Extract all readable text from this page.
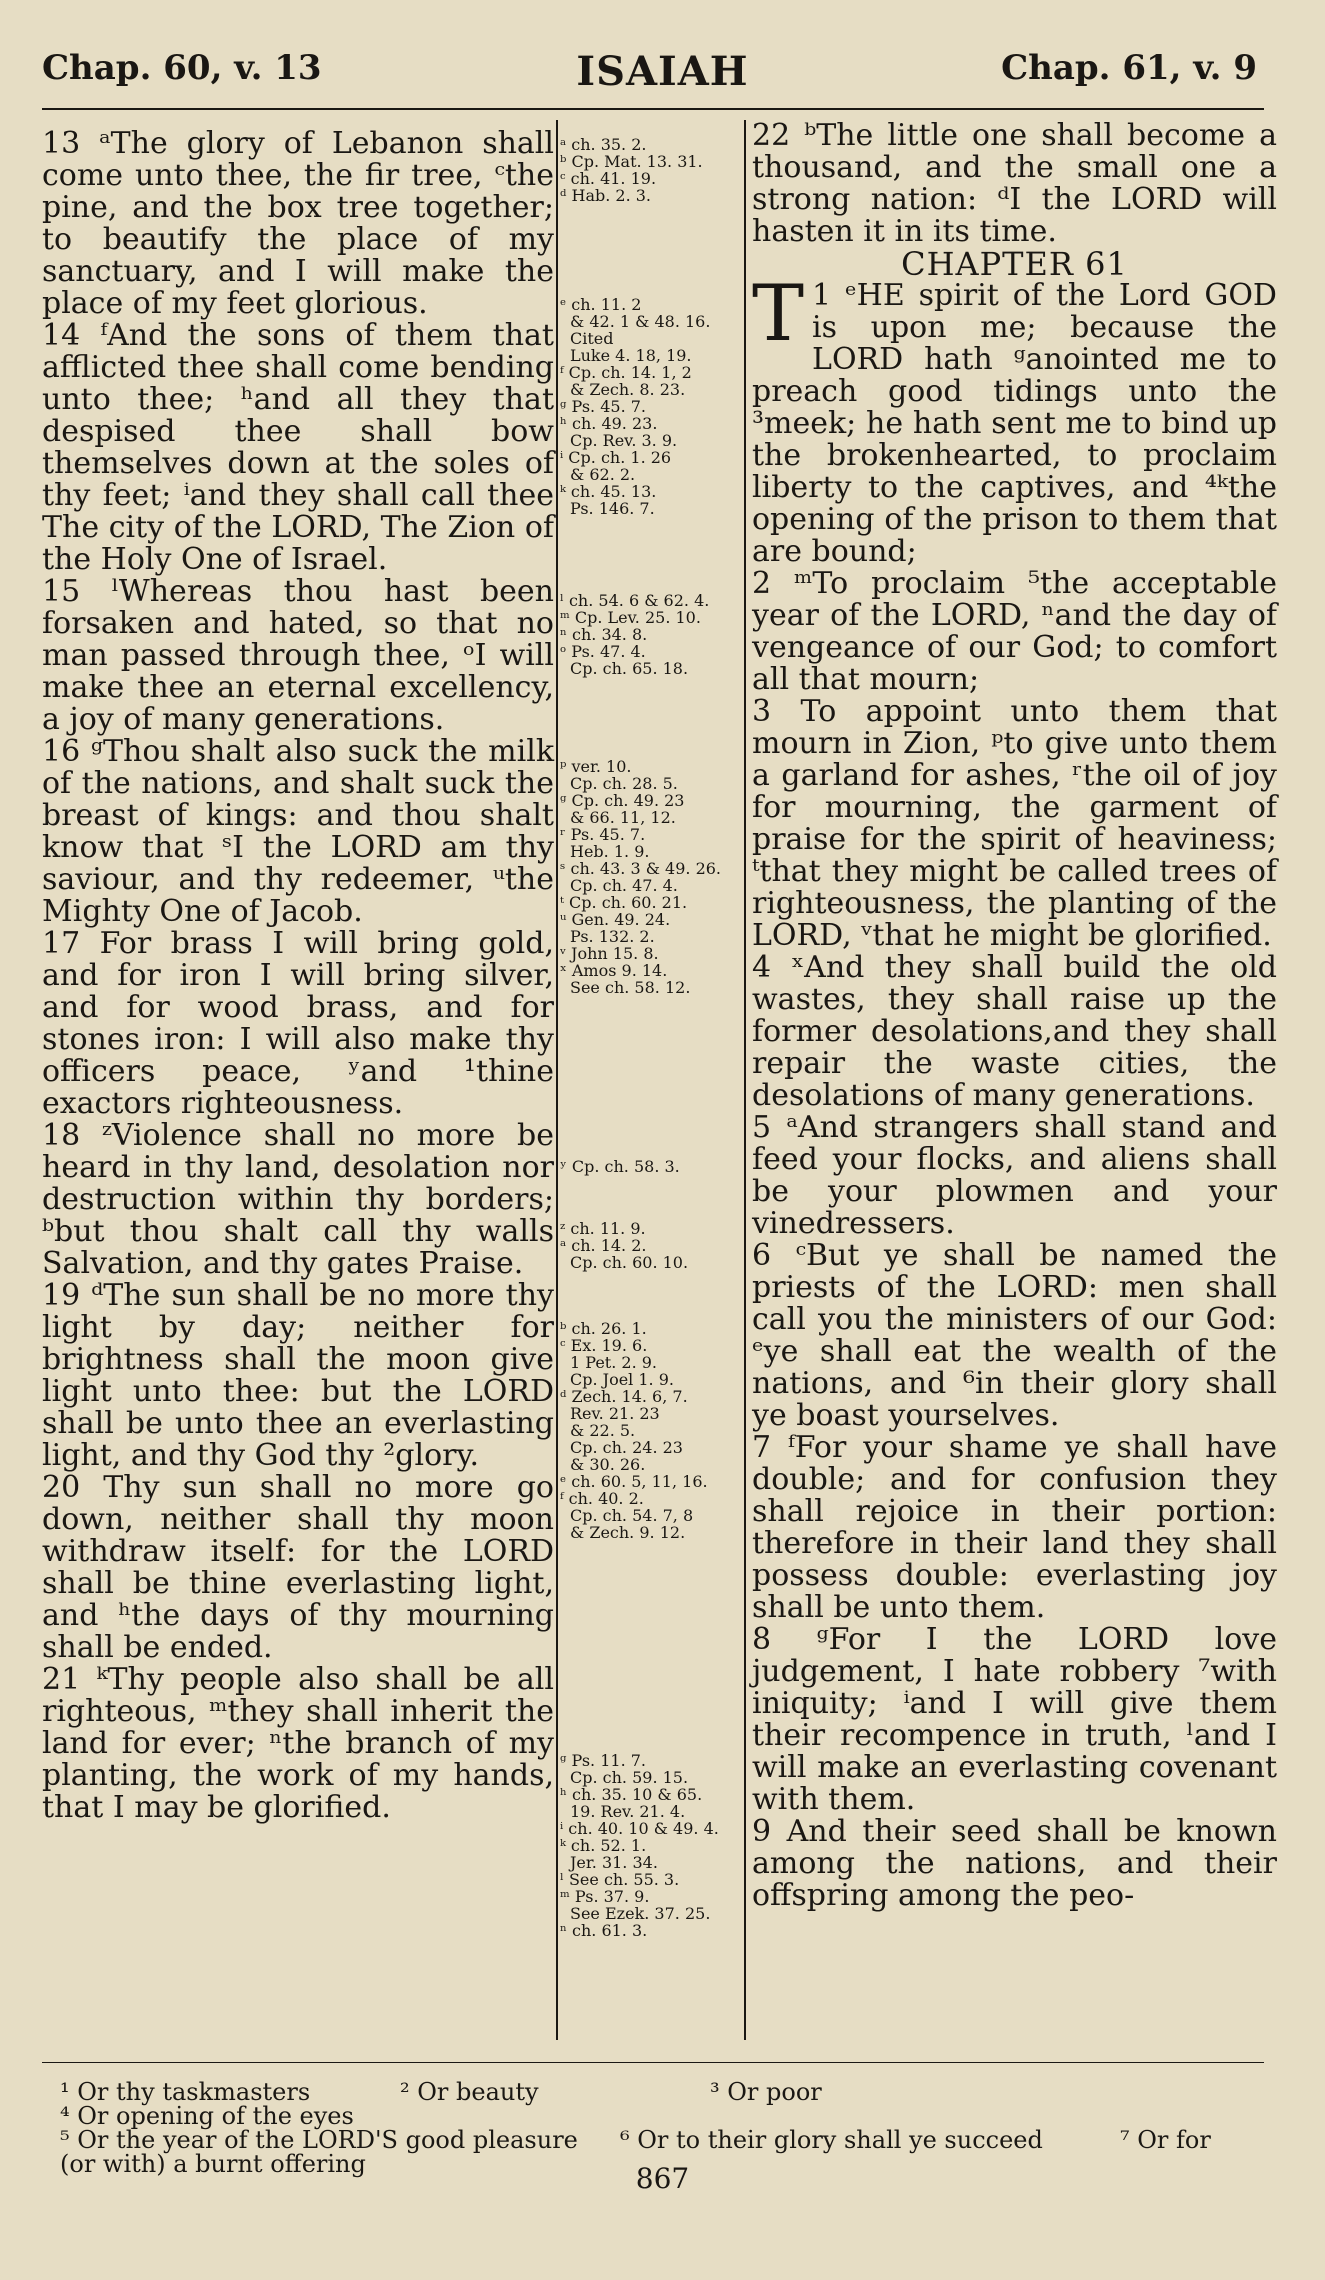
Chap. 60, v. 13	ISAIAH	Chap. 61, v. 9

13 ᵃThe glory of Lebanon shall come unto thee, the fir tree, ᶜthe pine, and the box tree together; to beautify the place of my sanctuary, and I will make the place of my feet glorious.

14 ᶠAnd the sons of them that afflicted thee shall come bending unto thee; ʰand all they that despised thee shall bow themselves down at the soles of thy feet; ⁱand they shall call thee The city of the LORD, The Zion of the Holy One of Israel.

15 ˡWhereas thou hast been forsaken and hated, so that no man passed through thee, ᵒI will make thee an eternal excellency, a joy of many generations.

16 ᵍThou shalt also suck the milk of the nations, and shalt suck the breast of kings: and thou shalt know that ˢI the LORD am thy saviour, and thy redeemer, ᵘthe Mighty One of Jacob.

17 For brass I will bring gold, and for iron I will bring silver, and for wood brass, and for stones iron: I will also make thy officers peace, ʸand ¹thine exactors righteousness.

18 ᶻViolence shall no more be heard in thy land, desolation nor destruction within thy borders; ᵇbut thou shalt call thy walls Salvation, and thy gates Praise.

19 ᵈThe sun shall be no more thy light by day; neither for brightness shall the moon give light unto thee: but the LORD shall be unto thee an everlasting light, and thy God thy ²glory.

20 Thy sun shall no more go down, neither shall thy moon withdraw itself: for the LORD shall be thine everlasting light, and ʰthe days of thy mourning shall be ended.

21 ᵏThy people also shall be all righteous, ᵐthey shall inherit the land for ever; ⁿthe branch of my planting, the work of my hands, that I may be glorified.

ᵃ ch. 35. 2.
ᵇ Cp. Mat. 13. 31.
ᶜ ch. 41. 19.
ᵈ Hab. 2. 3.
ᵉ ch. 11. 2
& 42. 1 & 48. 16.
Cited
Luke 4. 18, 19.
ᶠ Cp. ch. 14. 1, 2
& Zech. 8. 23.
ᵍ Ps. 45. 7.
ʰ ch. 49. 23.
Cp. Rev. 3. 9.
ⁱ Cp. ch. 1. 26
& 62. 2.
ᵏ ch. 45. 13.
Ps. 146. 7.
ˡ ch. 54. 6 & 62. 4.
ᵐ Cp. Lev. 25. 10.
ⁿ ch. 34. 8.
ᵒ Ps. 47. 4.
Cp. ch. 65. 18.
ᵖ ver. 10.
Cp. ch. 28. 5.
ᵍ Cp. ch. 49. 23
& 66. 11, 12.
ʳ Ps. 45. 7.
Heb. 1. 9.
ˢ ch. 43. 3 & 49. 26.
Cp. ch. 47. 4.
ᵗ Cp. ch. 60. 21.
ᵘ Gen. 49. 24.
Ps. 132. 2.
ᵛ John 15. 8.
ˣ Amos 9. 14.
See ch. 58. 12.
ʸ Cp. ch. 58. 3.
ᶻ ch. 11. 9.
ᵃ ch. 14. 2.
Cp. ch. 60. 10.
ᵇ ch. 26. 1.
ᶜ Ex. 19. 6.
1 Pet. 2. 9.
Cp. Joel 1. 9.
ᵈ Zech. 14. 6, 7.
Rev. 21. 23
& 22. 5.
Cp. ch. 24. 23
& 30. 26.
ᵉ ch. 60. 5, 11, 16.
ᶠ ch. 40. 2.
Cp. ch. 54. 7, 8
& Zech. 9. 12.
ᵍ Ps. 11. 7.
Cp. ch. 59. 15.
ʰ ch. 35. 10 & 65.
19. Rev. 21. 4.
ⁱ ch. 40. 10 & 49. 4.
ᵏ ch. 52. 1.
Jer. 31. 34.
ˡ See ch. 55. 3.
ᵐ Ps. 37. 9.
See Ezek. 37. 25.
ⁿ ch. 61. 3.

22 ᵇThe little one shall become a thousand, and the small one a strong nation: ᵈI the LORD will hasten it in its time.

CHAPTER 61

1 ᵉ
T HE spirit of the Lord GOD is upon me; because the LORD hath ᵍanointed me to preach good tidings unto the ³meek; he hath sent me to bind up the brokenhearted, to proclaim liberty to the captives, and ⁴ᵏthe opening of the prison to them that are bound;

2 ᵐTo proclaim ⁵the acceptable year of the LORD, ⁿand the day of vengeance of our God; to comfort all that mourn;

3 To appoint unto them that mourn in Zion, ᵖto give unto them a garland for ashes, ʳthe oil of joy for mourning, the garment of praise for the spirit of heaviness; ᵗthat they might be called trees of righteousness, the planting of the LORD, ᵛthat he might be glorified.

4 ˣAnd they shall build the old wastes, they shall raise up the former desolations,and they shall repair the waste cities, the desolations of many generations.

5 ᵃAnd strangers shall stand and feed your flocks, and aliens shall be your plowmen and your vinedressers.

6 ᶜBut ye shall be named the priests of the LORD: men shall call you the ministers of our God: ᵉye shall eat the wealth of the nations, and ⁶in their glory shall ye boast yourselves.

7 ᶠFor your shame ye shall have double; and for confusion they shall rejoice in their portion: therefore in their land they shall possess double: everlasting joy shall be unto them.

8 ᵍFor I the LORD love judgement, I hate robbery ⁷with iniquity; ⁱand I will give them their recompence in truth, ˡand I will make an everlasting covenant with them.

9 And their seed shall be known among the nations, and their offspring among the peo-

¹ Or thy taskmasters	² Or beauty	³ Or poor⁴ Or opening of the eyes
⁵ Or the year of the LORD'S good pleasure ⁶ Or to their glory shall ye succeed	⁷ Or for
(or with) a burnt offering	867
